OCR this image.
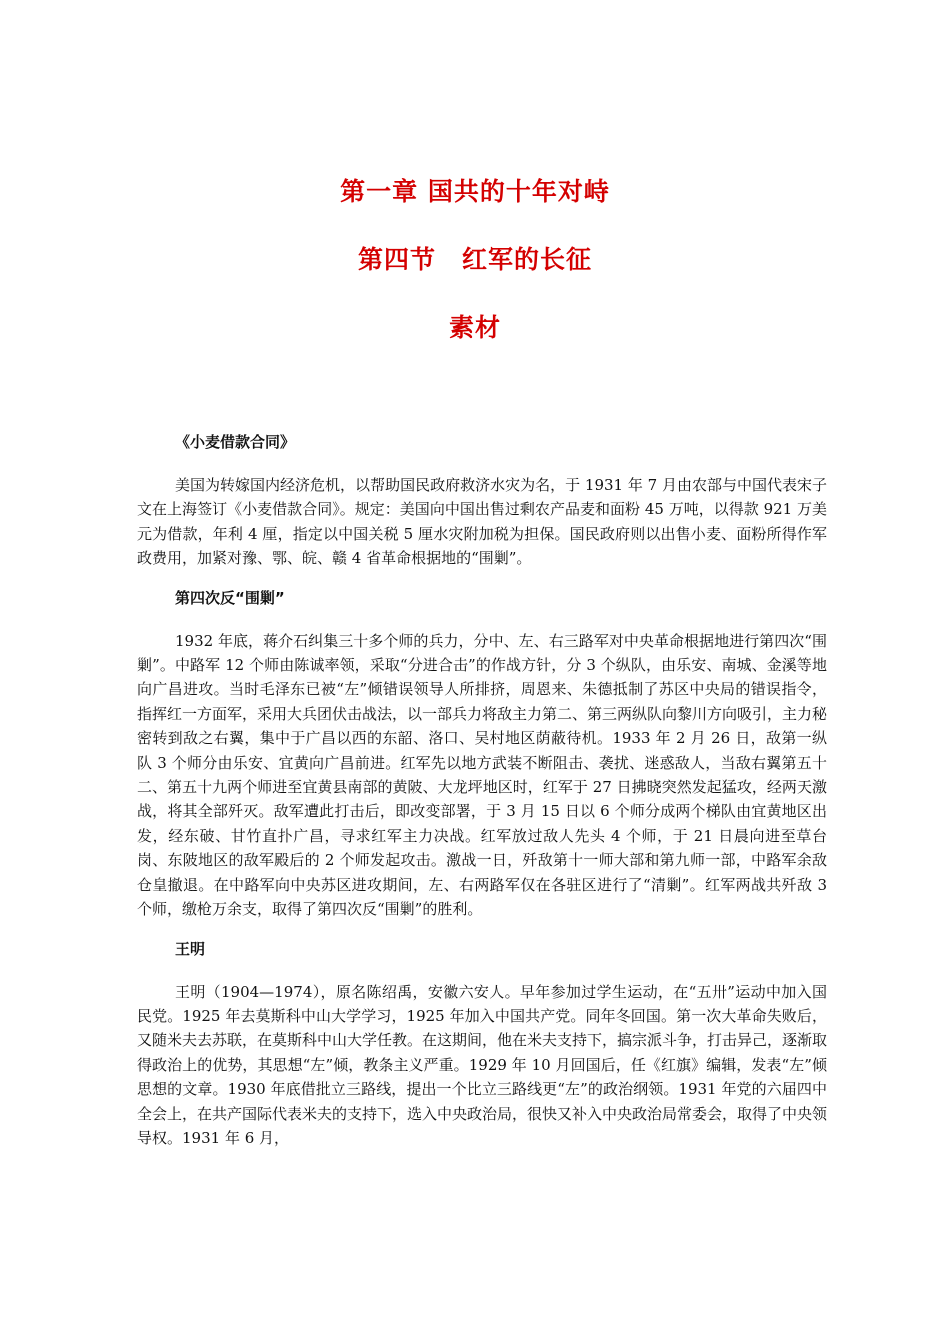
第一章 国共的十年对峙
第四节　红军的长征
素材
《小麦借款合同》
美国为转嫁国内经济危机，以帮助国民政府救济水灾为名，于 1931 年 7 月由农部与中国代表宋子文在上海签订《小麦借款合同》。规定：美国向中国出售过剩农产品麦和面粉 45 万吨，以得款 921 万美元为借款，年利 4 厘，指定以中国关税 5 厘水灾附加税为担保。国民政府则以出售小麦、面粉所得作军政费用，加紧对豫、鄂、皖、赣 4 省革命根据地的“围剿”。
第四次反“围剿”
1932 年底，蒋介石纠集三十多个师的兵力，分中、左、右三路军对中央革命根据地进行第四次“围剿”。中路军 12 个师由陈诚率领，采取“分进合击”的作战方针，分 3 个纵队，由乐安、南城、金溪等地向广昌进攻。当时毛泽东已被“左”倾错误领导人所排挤，周恩来、朱德抵制了苏区中央局的错误指令，指挥红一方面军，采用大兵团伏击战法，以一部兵力将敌主力第二、第三两纵队向黎川方向吸引，主力秘密转到敌之右翼，集中于广昌以西的东韶、洛口、吴村地区荫蔽待机。1933 年 2 月 26 日，敌第一纵队 3 个师分由乐安、宜黄向广昌前进。红军先以地方武装不断阻击、袭扰、迷惑敌人，当敌右翼第五十二、第五十九两个师进至宜黄县南部的黄陂、大龙坪地区时，红军于 27 日拂晓突然发起猛攻，经两天激战，将其全部歼灭。敌军遭此打击后，即改变部署，于 3 月 15 日以 6 个师分成两个梯队由宜黄地区出发，经东破、甘竹直扑广昌，寻求红军主力决战。红军放过敌人先头 4 个师，于 21 日晨向进至草台岗、东陂地区的敌军殿后的 2 个师发起攻击。激战一日，歼敌第十一师大部和第九师一部，中路军余敌仓皇撤退。在中路军向中央苏区进攻期间，左、右两路军仅在各驻区进行了“清剿”。红军两战共歼敌 3 个师，缴枪万余支，取得了第四次反“围剿”的胜利。
王明
王明（1904—1974），原名陈绍禹，安徽六安人。早年参加过学生运动，在“五卅”运动中加入国民党。1925 年去莫斯科中山大学学习，1925 年加入中国共产党。同年冬回国。第一次大革命失败后，又随米夫去苏联，在莫斯科中山大学任教。在这期间，他在米夫支持下，搞宗派斗争，打击异己，逐渐取得政治上的优势，其思想“左”倾，教条主义严重。1929 年 10 月回国后，任《红旗》编辑，发表“左”倾思想的文章。1930 年底借批立三路线，提出一个比立三路线更“左”的政治纲领。1931 年党的六届四中全会上，在共产国际代表米夫的支持下，选入中央政治局，很快又补入中央政治局常委会，取得了中央领导权。1931 年 6 月，
